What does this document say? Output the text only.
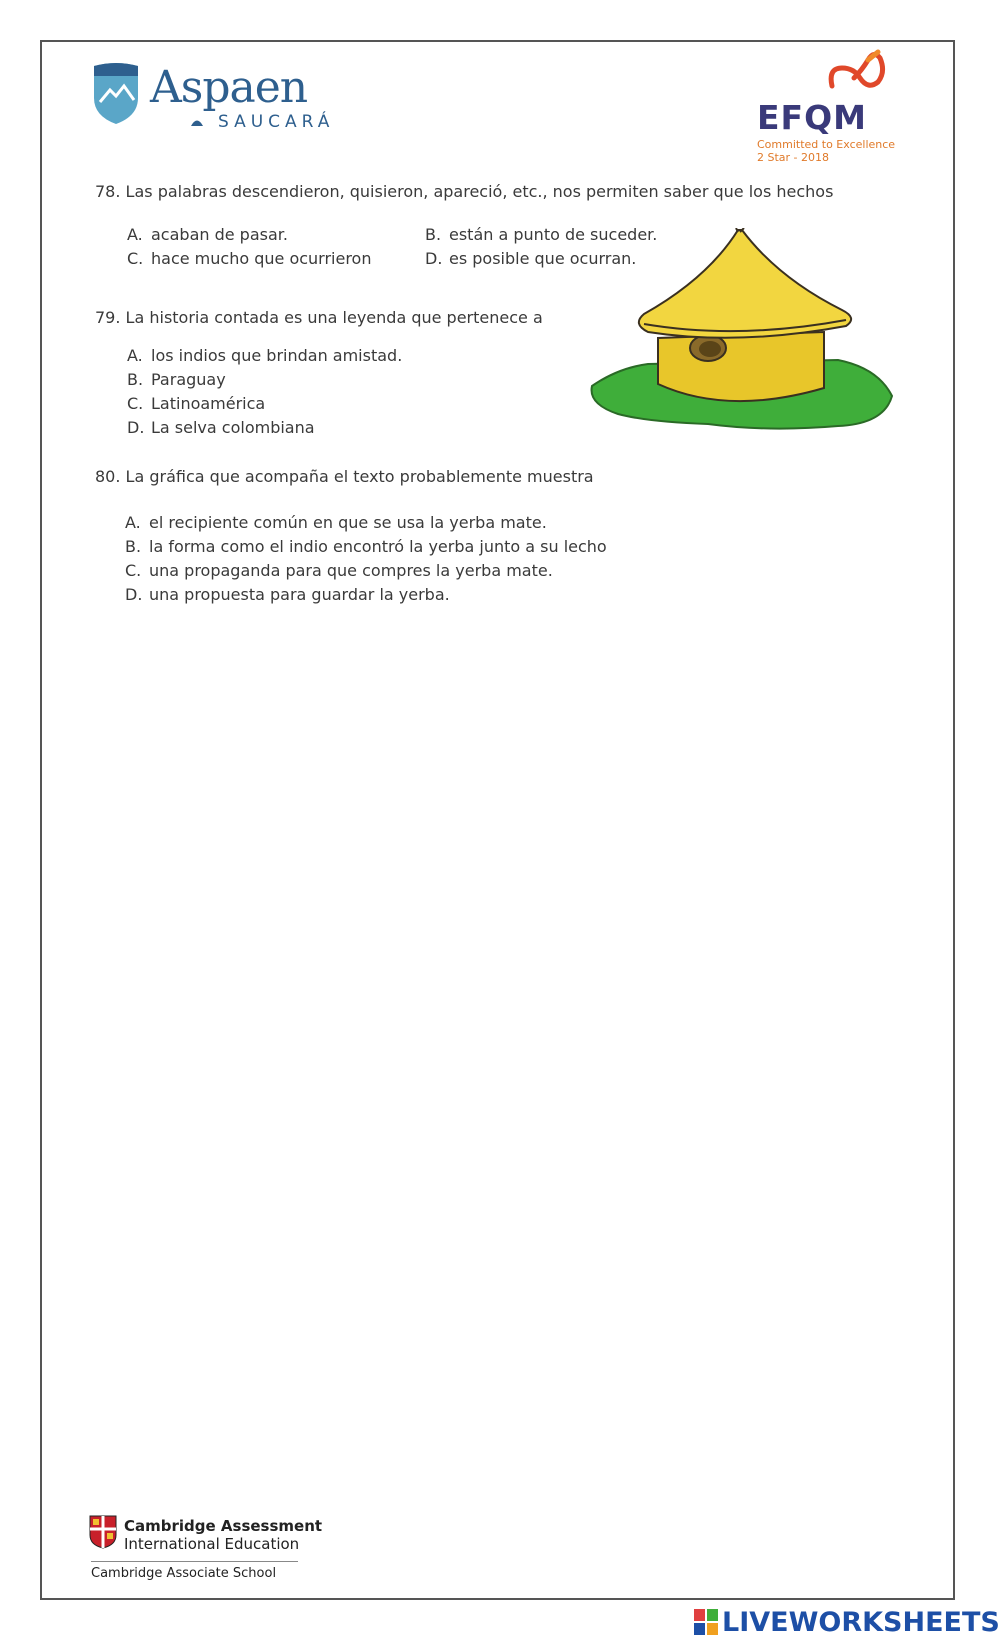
Aspaen
SAUCARÁ	EFQM
Committed to Excellence
2 Star - 2018
78. Las palabras descendieron, quisieron, apareció, etc., nos permiten saber que los hechos
A. acaban de pasar.	B. están a punto de suceder.
C. hace mucho que ocurrieron	D. es posible que ocurran.
79. La historia contada es una leyenda que pertenece a
A. los indios que brindan amistad.
B. Paraguay
C. Latinoamérica
D. La selva colombiana
80. La gráfica que acompaña el texto probablemente muestra
A. el recipiente común en que se usa la yerba mate.
B. la forma como el indio encontró la yerba junto a su lecho
C. una propaganda para que compres la yerba mate.
D. una propuesta para guardar la yerba.
Cambridge Assessment
International Education
Cambridge Associate School
LIVEWORKSHEETS
